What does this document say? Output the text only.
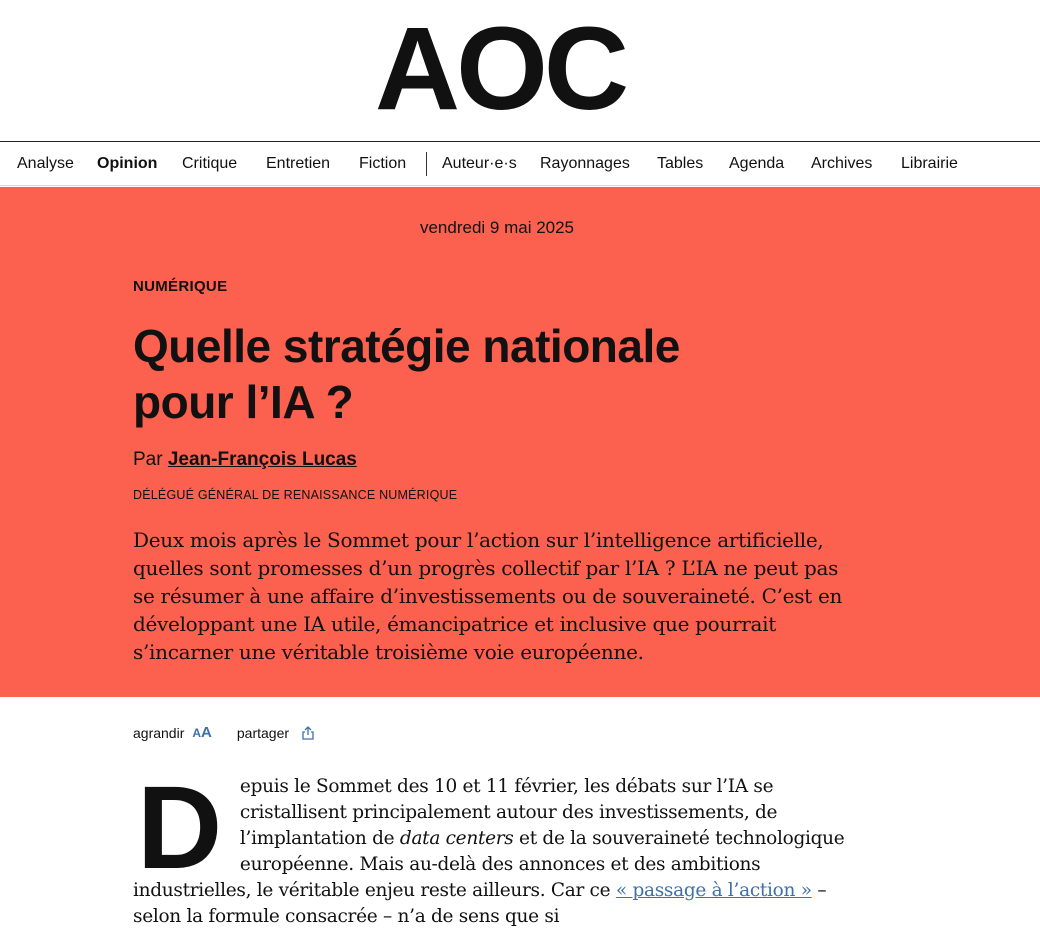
AOC
Analyse Opinion Critique Entretien Fiction Auteur·e·s Rayonnages Tables Agenda Archives Librairie
vendredi 9 mai 2025
NUMÉRIQUE
Quelle stratégie nationale
pour l’IA ?
Par Jean-François Lucas
DÉLÉGUÉ GÉNÉRAL DE RENAISSANCE NUMÉRIQUE

Deux mois après le Sommet pour l’action sur l’intelligence artificielle, quelles sont promesses d’un progrès collectif par l’IA ? L’IA ne peut pas se résumer à une affaire d’investissements ou de souveraineté. C’est en développant une IA utile, émancipatrice et inclusive que pourrait s’incarner une véritable troisième voie européenne.

agrandir AA partager
D epuis le Sommet des 10 et 11 février, les débats sur l’IA se cristallisent principalement autour des investissements, de l’implantation de data centers et de la souveraineté technologique européenne. Mais au-delà des annonces et des ambitions industrielles, le véritable enjeu reste ailleurs. Car ce « passage à l’action » – selon la formule consacrée – n’a de sens que si
